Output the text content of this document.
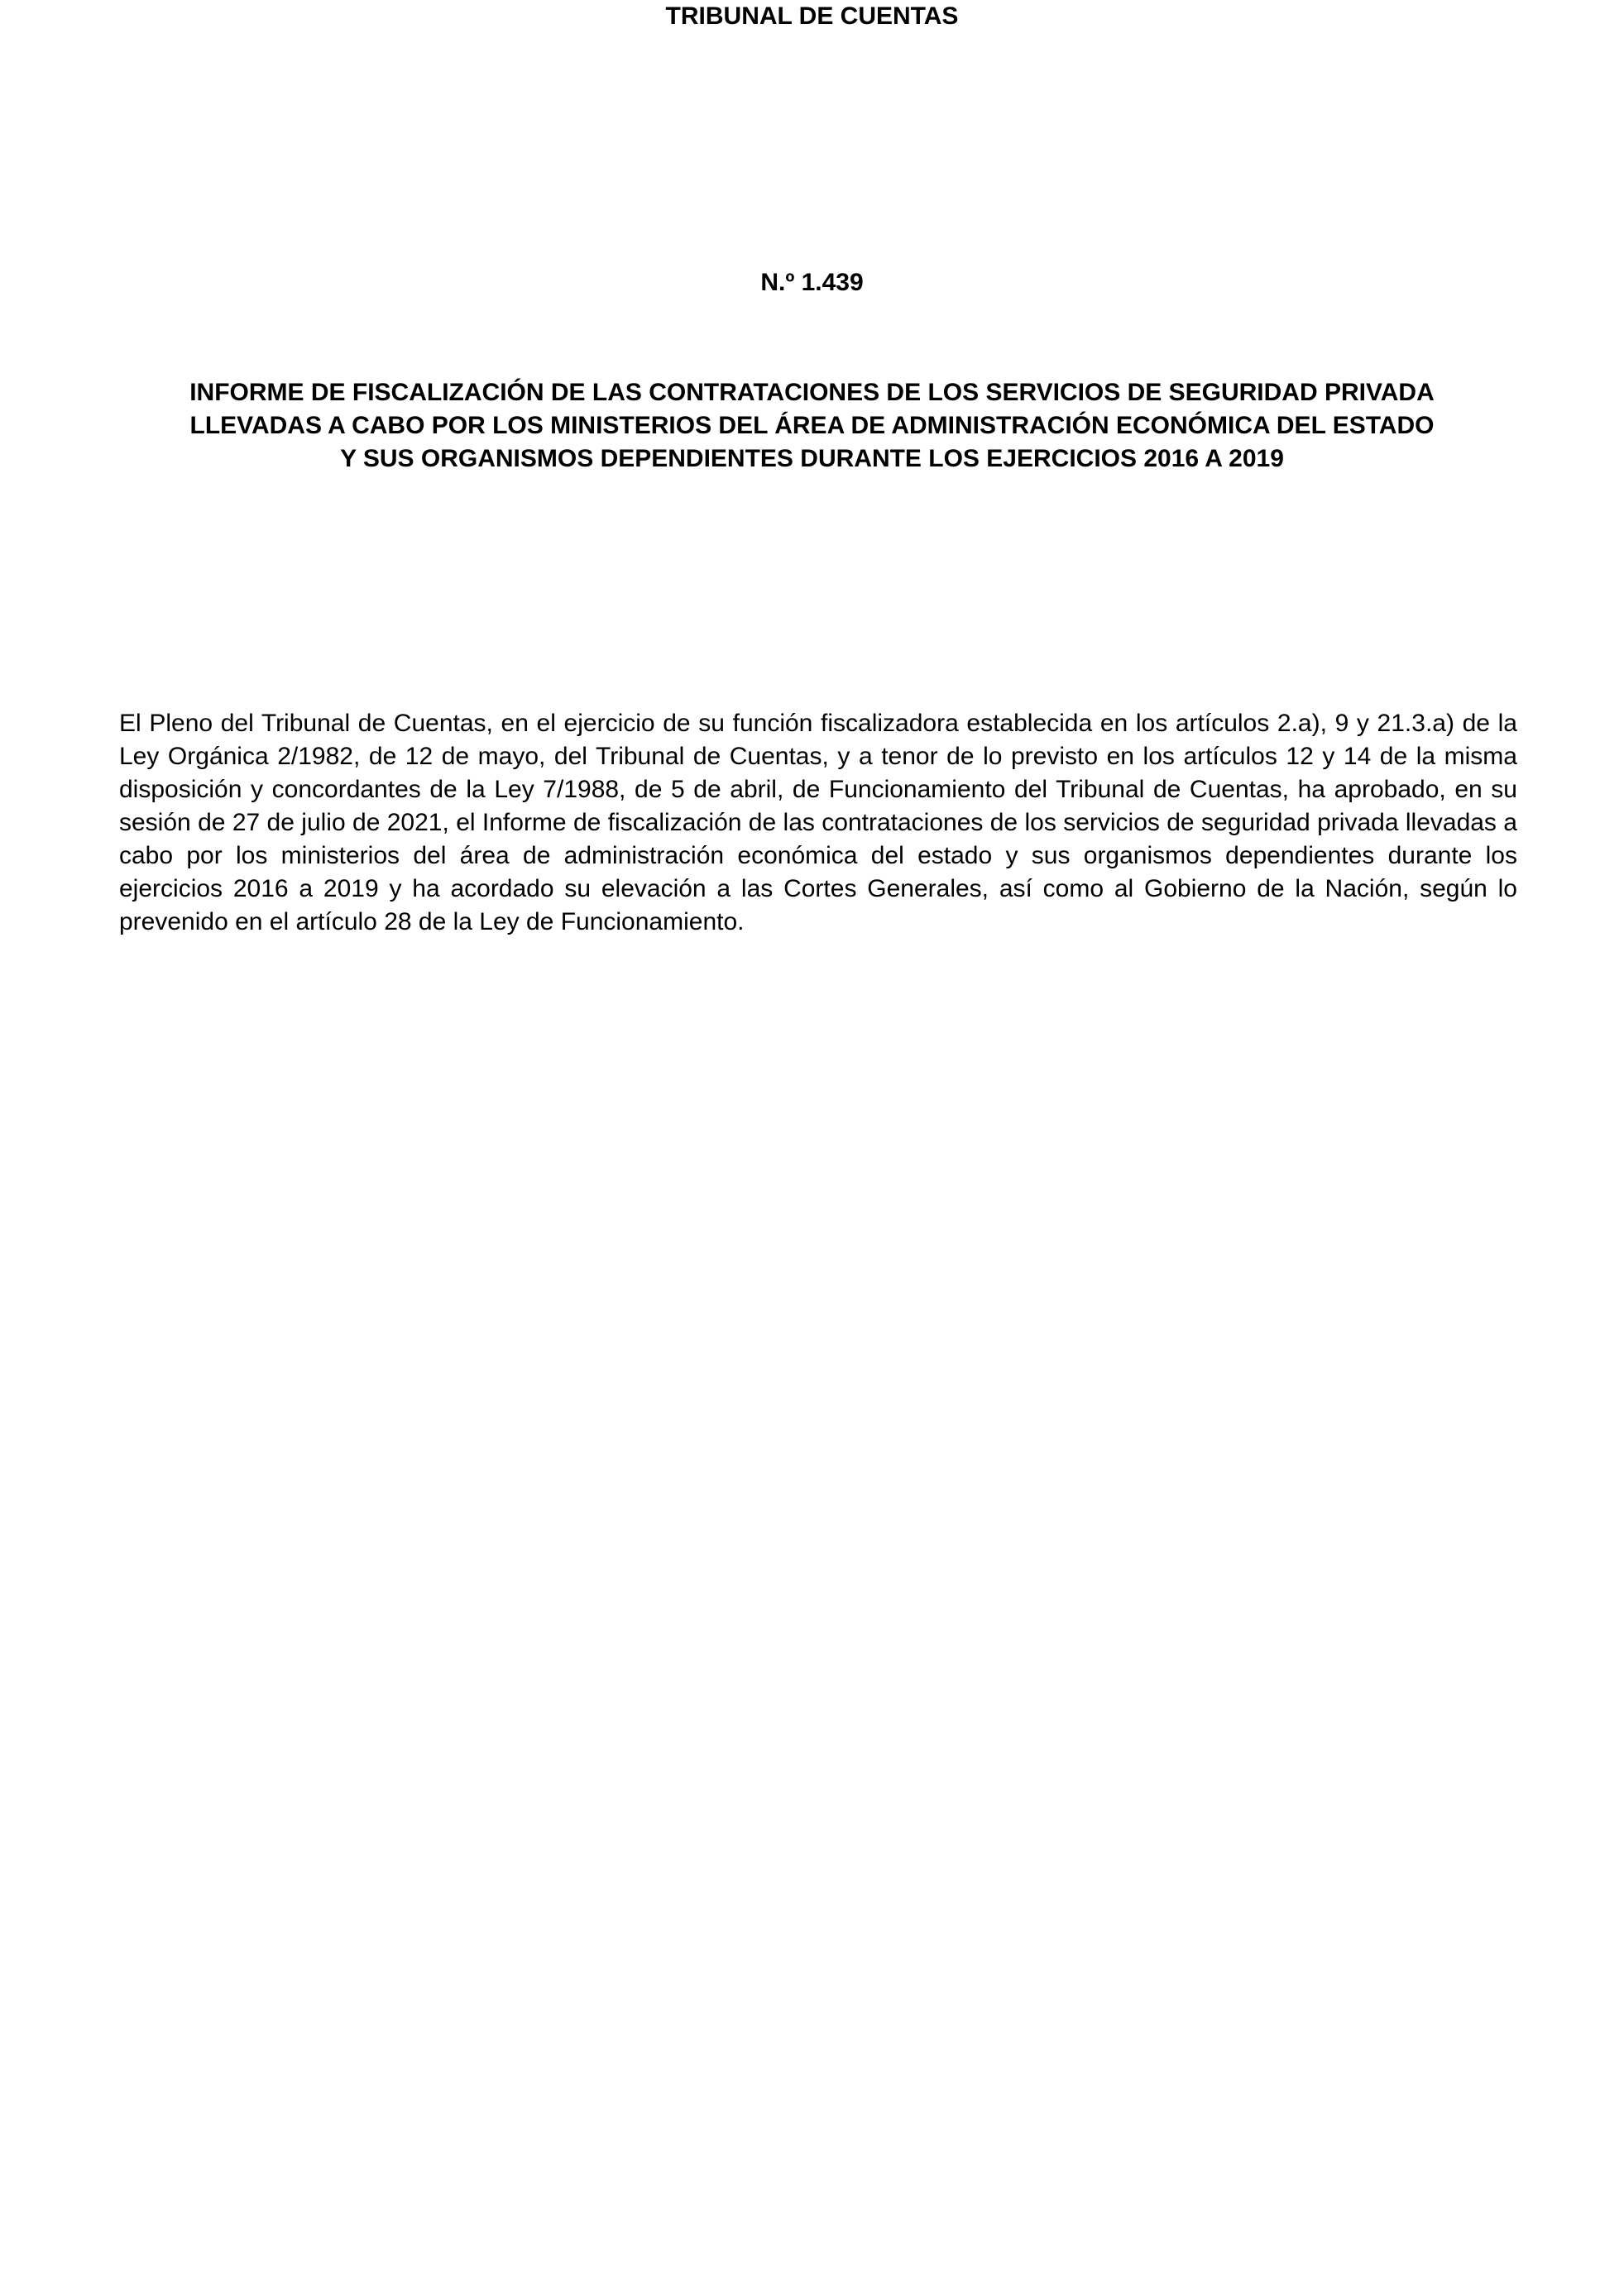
TRIBUNAL DE CUENTAS
N.º 1.439
INFORME DE FISCALIZACIÓN DE LAS CONTRATACIONES DE LOS SERVICIOS DE SEGURIDAD PRIVADA
LLEVADAS A CABO POR LOS MINISTERIOS DEL ÁREA DE ADMINISTRACIÓN ECONÓMICA DEL ESTADO
Y SUS ORGANISMOS DEPENDIENTES DURANTE LOS EJERCICIOS 2016 A 2019

El Pleno del Tribunal de Cuentas, en el ejercicio de su función fiscalizadora establecida en los artículos 2.a), 9 y 21.3.a) de la Ley Orgánica 2/1982, de 12 de mayo, del Tribunal de Cuentas, y a tenor de lo previsto en los artículos 12 y 14 de la misma disposición y concordantes de la Ley 7/1988, de 5 de abril, de Funcionamiento del Tribunal de Cuentas, ha aprobado, en su sesión de 27 de julio de 2021, el Informe de fiscalización de las contrataciones de los servicios de seguridad privada llevadas a cabo por los ministerios del área de administración económica del estado y sus organismos dependientes durante los ejercicios 2016 a 2019 y ha acordado su elevación a las Cortes Generales, así como al Gobierno de la Nación, según lo prevenido en el artículo 28 de la Ley de Funcionamiento.
